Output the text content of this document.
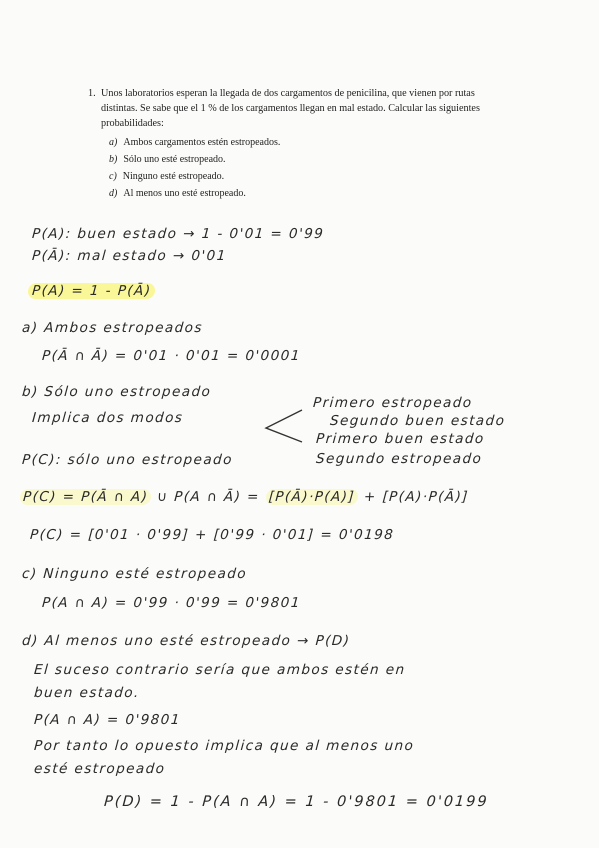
1. Unos laboratorios esperan la llegada de dos cargamentos de penicilina, que vienen por rutas distintas. Se sabe que el 1 % de los cargamentos llegan en mal estado. Calcular las siguientes probabilidades:
a) Ambos cargamentos estén estropeados.
b) Sólo uno esté estropeado.
c) Ninguno esté estropeado.
d) Al menos uno esté estropeado.
P(A): buen estado → 1 - 0'01 = 0'99
P(Ā): mal estado → 0'01
P(A) = 1 - P(Ā)
a) Ambos estropeados
P(Ā ∩ Ā) = 0'01 · 0'01 = 0'0001
b) Sólo uno estropeado
Implica dos modos
Primero estropeado
Segundo buen estado
Primero buen estado
Segundo estropeado
P(C): sólo uno estropeado
P(C) = P(Ā ∩ A) ∪ P(A ∩ Ā) = [P(Ā)·P(A)] + [P(A)·P(Ā)]
P(C) = [0'01 · 0'99] + [0'99 · 0'01] = 0'0198
c) Ninguno esté estropeado
P(A ∩ A) = 0'99 · 0'99 = 0'9801
d) Al menos uno esté estropeado → P(D)
El suceso contrario sería que ambos estén en
buen estado.
P(A ∩ A) = 0'9801
Por tanto lo opuesto implica que al menos uno
esté estropeado
P(D) = 1 - P(A ∩ A) = 1 - 0'9801 = 0'0199
